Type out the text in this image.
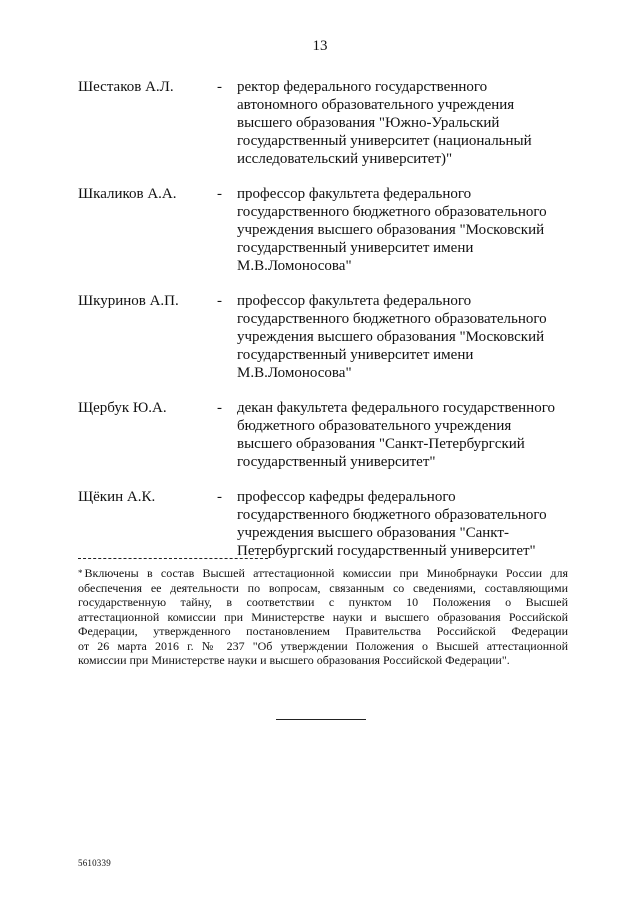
13
Шестаков А.Л.	- ректор федерального государственного
автономного образовательного учреждения
высшего образования "Южно-Уральский
государственный университет (национальный
исследовательский университет)"
Шкаликов А.А.	- профессор факультета федерального
государственного бюджетного образовательного
учреждения высшего образования "Московский
государственный университет имени
М.В.Ломоносова"
Шкуринов А.П.	- профессор факультета федерального
государственного бюджетного образовательного
учреждения высшего образования "Московский
государственный университет имени
М.В.Ломоносова"
Щербук Ю.А.	- декан факультета федерального государственного
бюджетного образовательного учреждения
высшего образования "Санкт-Петербургский
государственный университет"
Щёкин А.К.	- профессор кафедры федерального
государственного бюджетного образовательного
учреждения высшего образования "Санкт-
Петербургский государственный университет"
* Включены в состав Высшей аттестационной комиссии при Минобрнауки России для
обеспечения ее деятельности по вопросам, связанным со сведениями, составляющими
государственную тайну, в соответствии с пунктом 10 Положения о Высшей
аттестационной комиссии при Министерстве науки и высшего образования Российской
Федерации, утвержденного постановлением Правительства Российской Федерации
от 26 марта 2016 г. № 237 "Об утверждении Положения о Высшей аттестационной
комиссии при Министерстве науки и высшего образования Российской Федерации".
5610339
